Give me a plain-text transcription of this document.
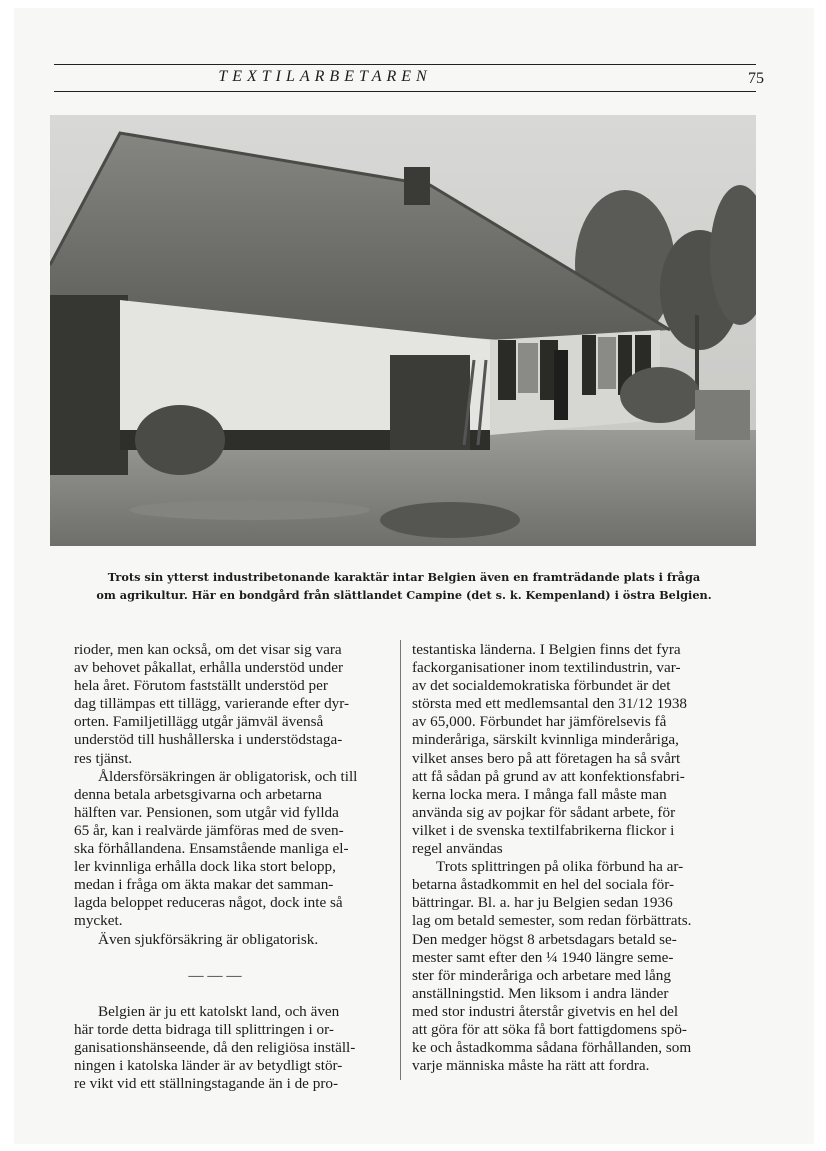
TEXTILARBETAREN	75
Trots sin ytterst industribetonande karaktär intar Belgien även en framträdande plats i fråga
om agrikultur. Här en bondgård från slättlandet Campine (det s. k. Kempenland) i östra Belgien.
rioder, men kan också, om det visar sig vara
av behovet påkallat, erhålla understöd under
hela året. Förutom fastställt understöd per
dag tillämpas ett tillägg, varierande efter dyr-
orten. Familjetillägg utgår jämväl ävenså
understöd till hushållerska i understödstaga-
res tjänst.
Åldersförsäkringen är obligatorisk, och till
denna betala arbetsgivarna och arbetarna
hälften var. Pensionen, som utgår vid fyllda
65 år, kan i realvärde jämföras med de sven-
ska förhållandena. Ensamstående manliga el-
ler kvinnliga erhålla dock lika stort belopp,
medan i fråga om äkta makar det samman-
lagda beloppet reduceras något, dock inte så
mycket.
Även sjukförsäkring är obligatorisk.
— — —
Belgien är ju ett katolskt land, och även
här torde detta bidraga till splittringen i or-
ganisationshänseende, då den religiösa inställ-
ningen i katolska länder är av betydligt stör-
re vikt vid ett ställningstagande än i de pro-
testantiska länderna. I Belgien finns det fyra
fackorganisationer inom textilindustrin, var-
av det socialdemokratiska förbundet är det
största med ett medlemsantal den 31/12 1938
av 65,000. Förbundet har jämförelsevis få
minderåriga, särskilt kvinnliga minderåriga,
vilket anses bero på att företagen ha så svårt
att få sådan på grund av att konfektionsfabri-
kerna locka mera. I många fall måste man
använda sig av pojkar för sådant arbete, för
vilket i de svenska textilfabrikerna flickor i
regel användas
Trots splittringen på olika förbund ha ar-
betarna åstadkommit en hel del sociala för-
bättringar. Bl. a. har ju Belgien sedan 1936
lag om betald semester, som redan förbättrats.
Den medger högst 8 arbetsdagars betald se-
mester samt efter den ¼ 1940 längre seme-
ster för minderåriga och arbetare med lång
anställningstid. Men liksom i andra länder
med stor industri återstår givetvis en hel del
att göra för att söka få bort fattigdomens spö-
ke och åstadkomma sådana förhållanden, som
varje människa måste ha rätt att fordra.
